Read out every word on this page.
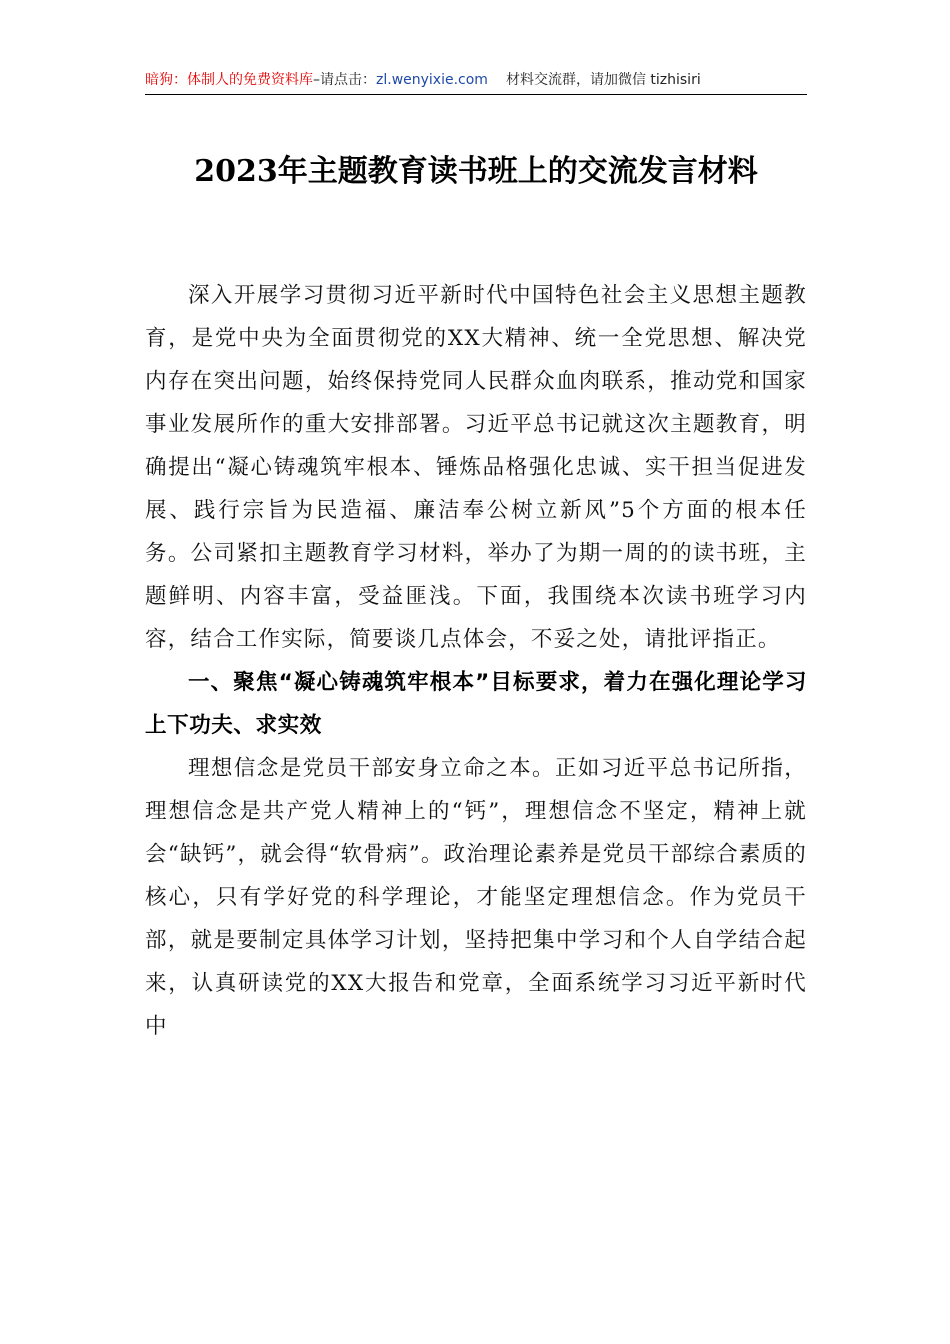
暗狗：体制人的免费资料库–请点击：zl.wenyixie.com 材料交流群，请加微信 tizhisiri
2023年主题教育读书班上的交流发言材料

深入开展学习贯彻习近平新时代中国特色社会主义思想主题教育，是党中央为全面贯彻党的XX大精神、统一全党思想、解决党内存在突出问题，始终保持党同人民群众血肉联系，推动党和国家事业发展所作的重大安排部署。习近平总书记就这次主题教育，明确提出“凝心铸魂筑牢根本、锤炼品格强化忠诚、实干担当促进发展、践行宗旨为民造福、廉洁奉公树立新风”5个方面的根本任务。公司紧扣主题教育学习材料，举办了为期一周的的读书班，主题鲜明、内容丰富，受益匪浅。下面，我围绕本次读书班学习内容，结合工作实际，简要谈几点体会，不妥之处，请批评指正。

一、聚焦“凝心铸魂筑牢根本”目标要求，着力在强化理论学习上下功夫、求实效

理想信念是党员干部安身立命之本。正如习近平总书记所指，理想信念是共产党人精神上的“钙”，理想信念不坚定，精神上就会“缺钙”，就会得“软骨病”。政治理论素养是党员干部综合素质的核心，只有学好党的科学理论，才能坚定理想信念。作为党员干部，就是要制定具体学习计划，坚持把集中学习和个人自学结合起来，认真研读党的XX大报告和党章，全面系统学习习近平新时代中
